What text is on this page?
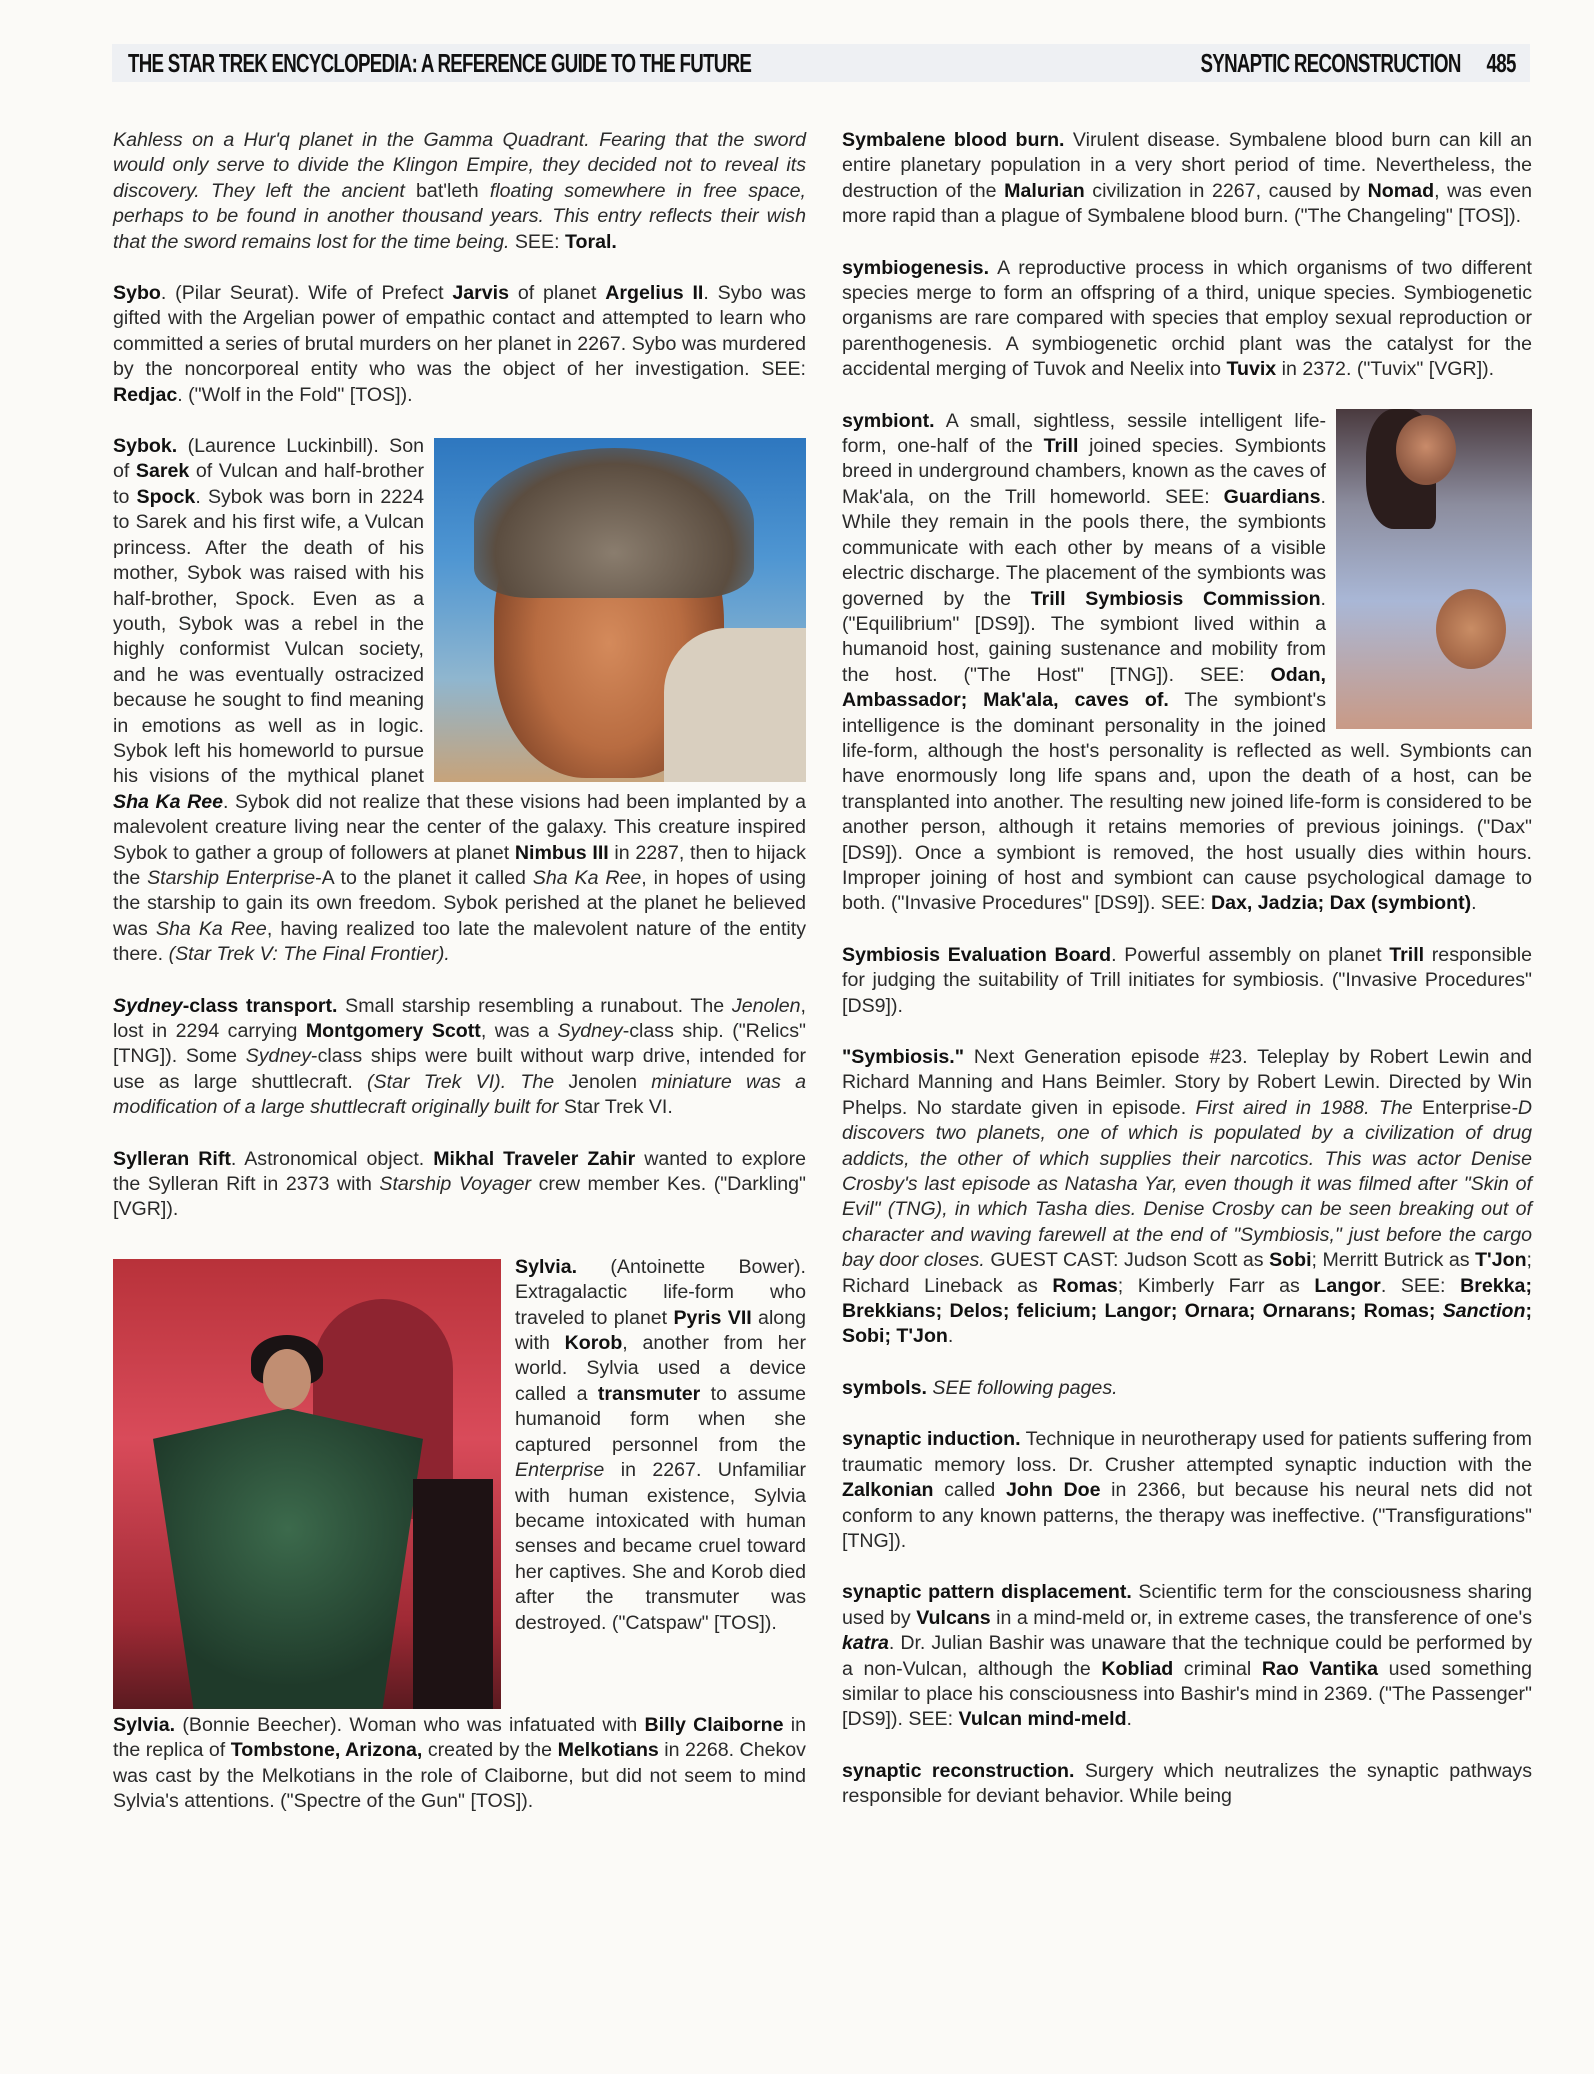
THE STAR TREK ENCYCLOPEDIA: A REFERENCE GUIDE TO THE FUTURE	SYNAPTIC RECONSTRUCTION 485

Kahless on a Hur'q planet in the Gamma Quadrant. Fearing that the sword would only serve to divide the Klingon Empire, they decided not to reveal its discovery. They left the ancient bat'leth floating somewhere in free space, perhaps to be found in another thousand years. This entry reflects their wish that the sword remains lost for the time being. SEE: Toral.

Sybo. (Pilar Seurat). Wife of Prefect Jarvis of planet Argelius II. Sybo was gifted with the Argelian power of empathic contact and attempted to learn who committed a series of brutal murders on her planet in 2267. Sybo was murdered by the noncorporeal entity who was the object of her investigation. SEE: Redjac. ("Wolf in the Fold" [TOS]).

Sybok. (Laurence Luckinbill). Son of Sarek of Vulcan and half-brother to Spock. Sybok was born in 2224 to Sarek and his first wife, a Vulcan princess. After the death of his mother, Sybok was raised with his half-brother, Spock. Even as a youth, Sybok was a rebel in the highly conformist Vulcan society, and he was eventually ostracized because he sought to find meaning in emotions as well as in logic. Sybok left his homeworld to pursue his visions of the mythical planet Sha Ka Ree. Sybok did not realize that these visions had been implanted by a malevolent creature living near the center of the galaxy. This creature inspired Sybok to gather a group of followers at planet Nimbus III in 2287, then to hijack the Starship Enterprise-A to the planet it called Sha Ka Ree, in hopes of using the starship to gain its own freedom. Sybok perished at the planet he believed was Sha Ka Ree, having realized too late the malevolent nature of the entity there. (Star Trek V: The Final Frontier).

Sydney-class transport. Small starship resembling a runabout. The Jenolen, lost in 2294 carrying Montgomery Scott, was a Sydney-class ship. ("Relics" [TNG]). Some Sydney-class ships were built without warp drive, intended for use as large shuttlecraft. (Star Trek VI). The Jenolen miniature was a modification of a large shuttlecraft originally built for Star Trek VI.

Sylleran Rift. Astronomical object. Mikhal Traveler Zahir wanted to explore the Sylleran Rift in 2373 with Starship Voyager crew member Kes. ("Darkling" [VGR]).

Sylvia. (Antoinette Bower). Extragalactic life-form who traveled to planet Pyris VII along with Korob, another from her world. Sylvia used a device called a transmuter to assume humanoid form when she captured personnel from the Enterprise in 2267. Unfamiliar with human existence, Sylvia became intoxicated with human senses and became cruel toward her captives. She and Korob died after the transmuter was destroyed. ("Catspaw" [TOS]).

Sylvia. (Bonnie Beecher). Woman who was infatuated with Billy Claiborne in the replica of Tombstone, Arizona, created by the Melkotians in 2268. Chekov was cast by the Melkotians in the role of Claiborne, but did not seem to mind Sylvia's attentions. ("Spectre of the Gun" [TOS]).

Symbalene blood burn. Virulent disease. Symbalene blood burn can kill an entire planetary population in a very short period of time. Nevertheless, the destruction of the Malurian civilization in 2267, caused by Nomad, was even more rapid than a plague of Symbalene blood burn. ("The Changeling" [TOS]).

symbiogenesis. A reproductive process in which organisms of two different species merge to form an offspring of a third, unique species. Symbiogenetic organisms are rare compared with species that employ sexual reproduction or parenthogenesis. A symbiogenetic orchid plant was the catalyst for the accidental merging of Tuvok and Neelix into Tuvix in 2372. ("Tuvix" [VGR]).

symbiont. A small, sightless, sessile intelligent life-form, one-half of the Trill joined species. Symbionts breed in underground chambers, known as the caves of Mak'ala, on the Trill homeworld. SEE: Guardians. While they remain in the pools there, the symbionts communicate with each other by means of a visible electric discharge. The placement of the symbionts was governed by the Trill Symbiosis Commission. ("Equilibrium" [DS9]). The symbiont lived within a humanoid host, gaining sustenance and mobility from the host. ("The Host" [TNG]). SEE: Odan, Ambassador; Mak'ala, caves of. The symbiont's intelligence is the dominant personality in the joined life-form, although the host's personality is reflected as well. Symbionts can have enormously long life spans and, upon the death of a host, can be transplanted into another. The resulting new joined life-form is considered to be another person, although it retains memories of previous joinings. ("Dax" [DS9]). Once a symbiont is removed, the host usually dies within hours. Improper joining of host and symbiont can cause psychological damage to both. ("Invasive Procedures" [DS9]). SEE: Dax, Jadzia; Dax (symbiont).

Symbiosis Evaluation Board. Powerful assembly on planet Trill responsible for judging the suitability of Trill initiates for symbiosis. ("Invasive Procedures" [DS9]).

"Symbiosis." Next Generation episode #23. Teleplay by Robert Lewin and Richard Manning and Hans Beimler. Story by Robert Lewin. Directed by Win Phelps. No stardate given in episode. First aired in 1988. The Enterprise-D discovers two planets, one of which is populated by a civilization of drug addicts, the other of which supplies their narcotics. This was actor Denise Crosby's last episode as Natasha Yar, even though it was filmed after "Skin of Evil" (TNG), in which Tasha dies. Denise Crosby can be seen breaking out of character and waving farewell at the end of "Symbiosis," just before the cargo bay door closes. GUEST CAST: Judson Scott as Sobi; Merritt Butrick as T'Jon; Richard Lineback as Romas; Kimberly Farr as Langor. SEE: Brekka; Brekkians; Delos; felicium; Langor; Ornara; Ornarans; Romas; Sanction; Sobi; T'Jon.

symbols. SEE following pages.

synaptic induction. Technique in neurotherapy used for patients suffering from traumatic memory loss. Dr. Crusher attempted synaptic induction with the Zalkonian called John Doe in 2366, but because his neural nets did not conform to any known patterns, the therapy was ineffective. ("Transfigurations" [TNG]).

synaptic pattern displacement. Scientific term for the consciousness sharing used by Vulcans in a mind-meld or, in extreme cases, the transference of one's katra. Dr. Julian Bashir was unaware that the technique could be performed by a non-Vulcan, although the Kobliad criminal Rao Vantika used something similar to place his consciousness into Bashir's mind in 2369. ("The Passenger" [DS9]). SEE: Vulcan mind-meld.

synaptic reconstruction. Surgery which neutralizes the synaptic pathways responsible for deviant behavior. While being
